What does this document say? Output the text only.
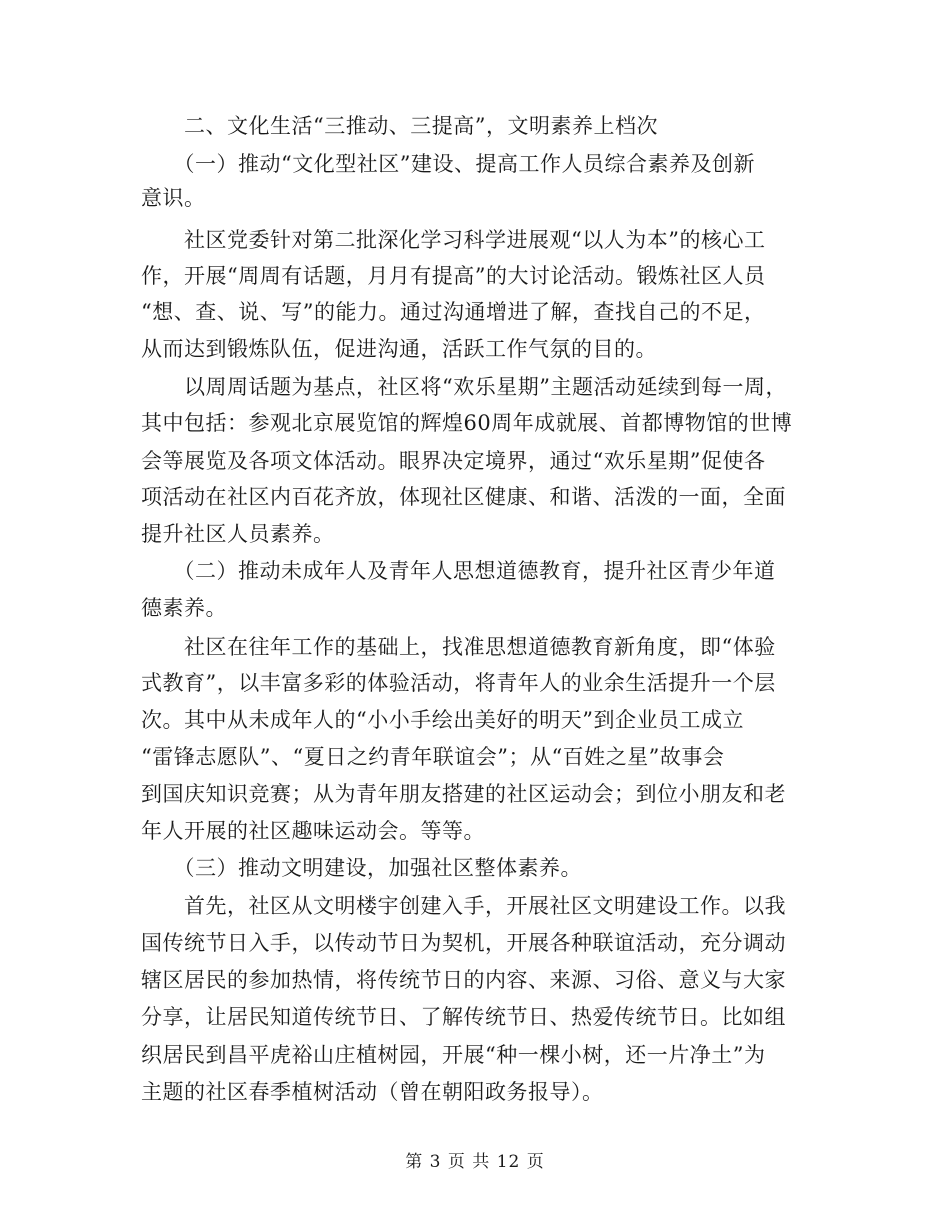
　　二、文化生活“三推动、三提高”，文明素养上档次
　　（一）推动“文化型社区”建设、提高工作人员综合素养及创新
意识。
　　社区党委针对第二批深化学习科学进展观“以人为本”的核心工
作，开展“周周有话题，月月有提高”的大讨论活动。锻炼社区人员
“想、查、说、写”的能力。通过沟通增进了解，查找自己的不足，
从而达到锻炼队伍，促进沟通，活跃工作气氛的目的。
　　以周周话题为基点，社区将“欢乐星期”主题活动延续到每一周，
其中包括：参观北京展览馆的辉煌60周年成就展、首都博物馆的世博
会等展览及各项文体活动。眼界决定境界，通过“欢乐星期”促使各
项活动在社区内百花齐放，体现社区健康、和谐、活泼的一面，全面
提升社区人员素养。
　　（二）推动未成年人及青年人思想道德教育，提升社区青少年道
德素养。
　　社区在往年工作的基础上，找准思想道德教育新角度，即“体验
式教育”，以丰富多彩的体验活动，将青年人的业余生活提升一个层
次。其中从未成年人的“小小手绘出美好的明天”到企业员工成立
“雷锋志愿队”、“夏日之约青年联谊会”；从“百姓之星”故事会
到国庆知识竞赛；从为青年朋友搭建的社区运动会；到位小朋友和老
年人开展的社区趣味运动会。等等。
　　（三）推动文明建设，加强社区整体素养。
　　首先，社区从文明楼宇创建入手，开展社区文明建设工作。以我
国传统节日入手，以传动节日为契机，开展各种联谊活动，充分调动
辖区居民的参加热情，将传统节日的内容、来源、习俗、意义与大家
分享，让居民知道传统节日、了解传统节日、热爱传统节日。比如组
织居民到昌平虎裕山庄植树园，开展“种一棵小树，还一片净土”为
主题的社区春季植树活动（曾在朝阳政务报导）。
第 3 页 共 12 页
